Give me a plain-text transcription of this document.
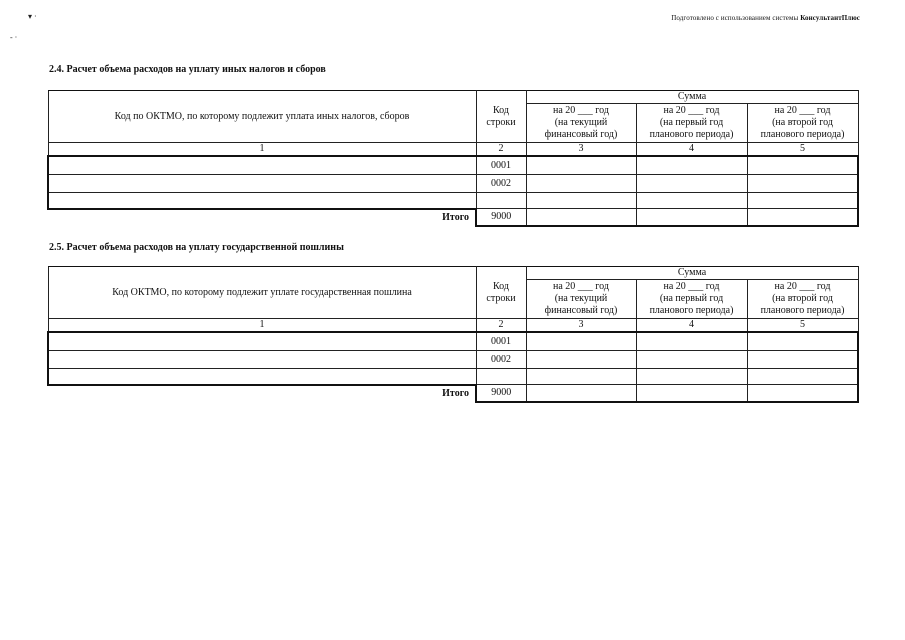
▾ ·
- ·
Подготовлено с использованием системы КонсультантПлюс
2.4. Расчет объема расходов на уплату иных налогов и сборов
Код по ОКТМО, по которому подлежит уплата иных налогов, сборов	Код
строки	Сумма		

		на 20 ___ год
(на текущий
финансовый год)	на 20 ___ год
(на первый год
планового периода)	на 20 ___ год
(на второй год
планового периода)

1	2	3	4	5
	0001			
	0002			

Итого	9000			
2.5. Расчет объема расходов на уплату государственной пошлины
Код ОКТМО, по которому подлежит уплате государственная пошлина	Код
строки	Сумма		

		на 20 ___ год
(на текущий
финансовый год)	на 20 ___ год
(на первый год
планового периода)	на 20 ___ год
(на второй год
планового периода)

1	2	3	4	5
	0001			
	0002			

Итого	9000			
